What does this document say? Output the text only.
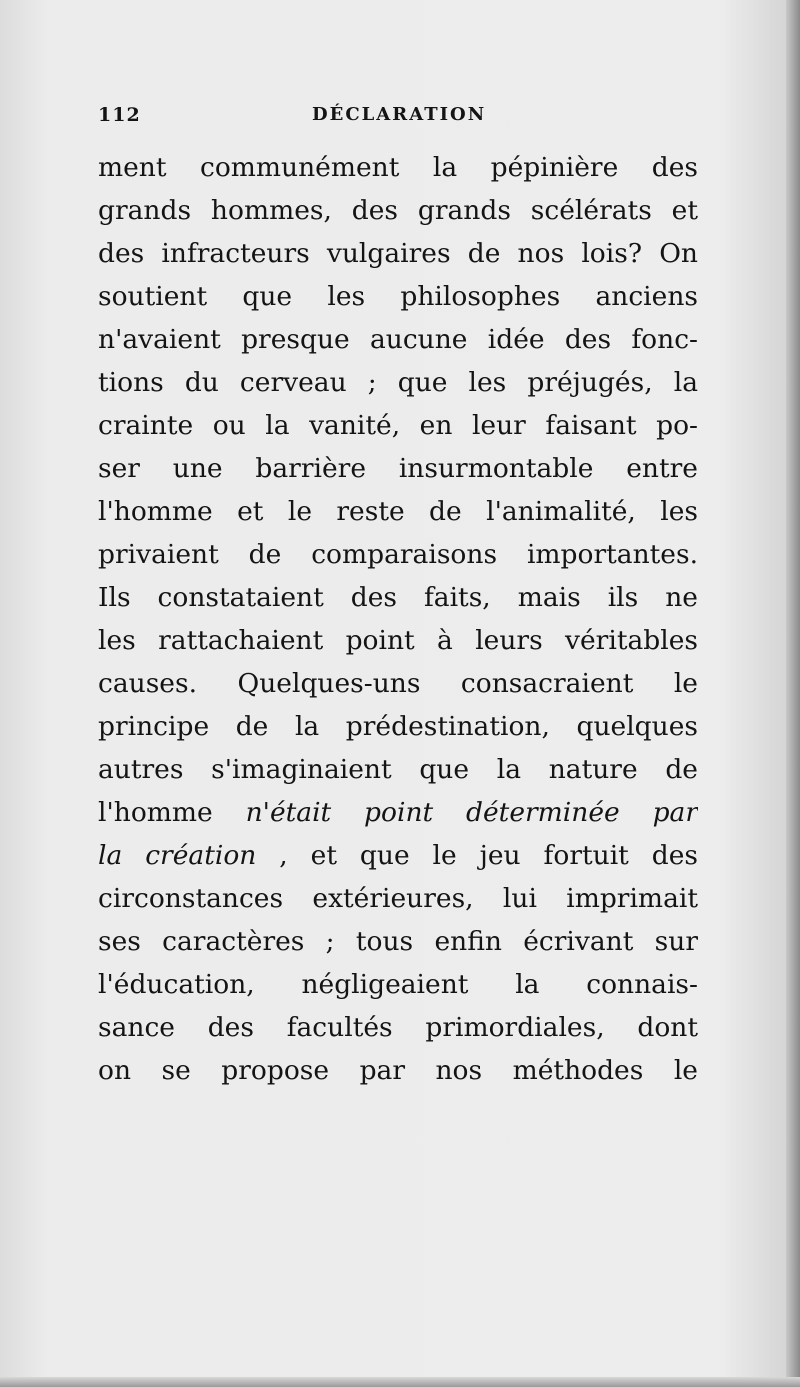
112	DÉCLARATION
ment communément la pépinière des
grands hommes, des grands scélérats et
des infracteurs vulgaires de nos lois? On
soutient que les philosophes anciens
n'avaient presque aucune idée des fonc-
tions du cerveau ; que les préjugés, la
crainte ou la vanité, en leur faisant po-
ser une barrière insurmontable entre
l'homme et le reste de l'animalité, les
privaient de comparaisons importantes.
Ils constataient des faits, mais ils ne
les rattachaient point à leurs véritables
causes. Quelques-uns consacraient le
principe de la prédestination, quelques
autres s'imaginaient que la nature de
l'homme n'était point déterminée par
la création , et que le jeu fortuit des
circonstances extérieures, lui imprimait
ses caractères ; tous enfin écrivant sur
l'éducation, négligeaient la connais-
sance des facultés primordiales, dont
on se propose par nos méthodes le
